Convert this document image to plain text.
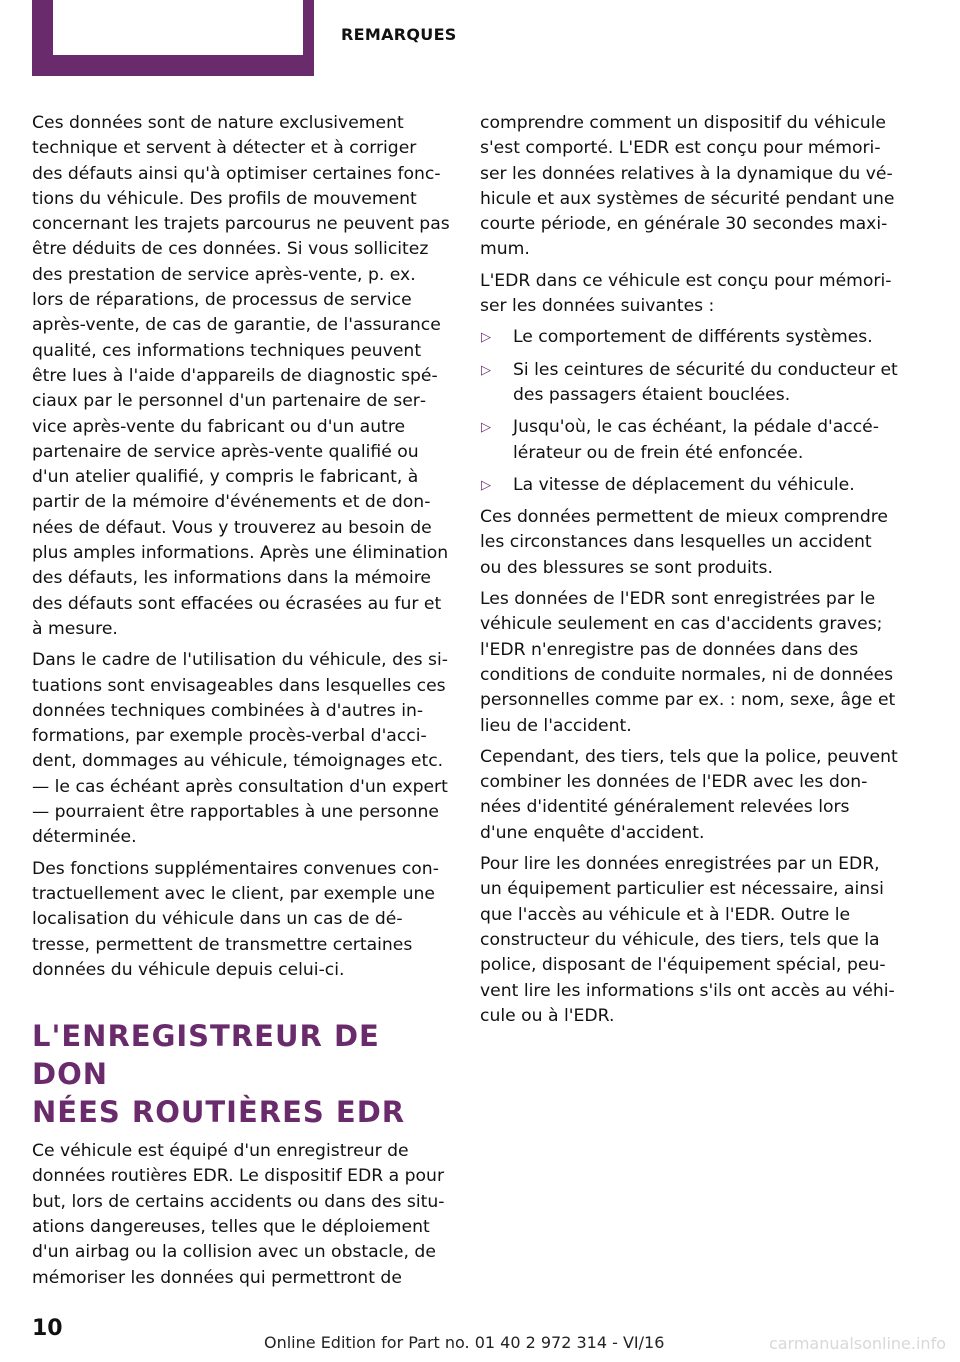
REMARQUES

Ces données sont de nature exclusivement technique et servent à détecter et à corriger des défauts ainsi qu'à optimiser certaines fonctions du véhicule. Des profils de mouvement concernant les trajets parcourus ne peuvent pas être déduits de ces données. Si vous sollicitez des prestation de service après-vente, p. ex. lors de réparations, de processus de service après-vente, de cas de garantie, de l'assurance qualité, ces informations techniques peuvent être lues à l'aide d'appareils de diagnostic spéciaux par le personnel d'un partenaire de service après-vente du fabricant ou d'un autre partenaire de service après-vente qualifié ou d'un atelier qualifié, y compris le fabricant, à partir de la mémoire d'événements et de données de défaut. Vous y trouverez au besoin de plus amples informations. Après une élimination des défauts, les informations dans la mémoire des défauts sont effacées ou écrasées au fur et à mesure.

Dans le cadre de l'utilisation du véhicule, des situations sont envisageables dans lesquelles ces données techniques combinées à d'autres informations, par exemple procès-verbal d'accident, dommages au véhicule, témoignages etc. — le cas échéant après consultation d'un expert — pourraient être rapportables à une personne déterminée.

Des fonctions supplémentaires convenues contractuellement avec le client, par exemple une localisation du véhicule dans un cas de détresse, permettent de transmettre certaines données du véhicule depuis celui-ci.

L'ENREGISTREUR DE DON
NÉES ROUTIÈRES EDR

Ce véhicule est équipé d'un enregistreur de données routières EDR. Le dispositif EDR a pour but, lors de certains accidents ou dans des situations dangereuses, telles que le déploiement d'un airbag ou la collision avec un obstacle, de mémoriser les données qui permettront de

comprendre comment un dispositif du véhicule s'est comporté. L'EDR est conçu pour mémoriser les données relatives à la dynamique du véhicule et aux systèmes de sécurité pendant une courte période, en générale 30 secondes maximum.

L'EDR dans ce véhicule est conçu pour mémoriser les données suivantes :

▷ Le comportement de différents systèmes.
▷ Si les ceintures de sécurité du conducteur et des passagers étaient bouclées.
▷ Jusqu'où, le cas échéant, la pédale d'accélérateur ou de frein été enfoncée.
▷ La vitesse de déplacement du véhicule.

Ces données permettent de mieux comprendre les circonstances dans lesquelles un accident ou des blessures se sont produits.

Les données de l'EDR sont enregistrées par le véhicule seulement en cas d'accidents graves; l'EDR n'enregistre pas de données dans des conditions de conduite normales, ni de données personnelles comme par ex. : nom, sexe, âge et lieu de l'accident.

Cependant, des tiers, tels que la police, peuvent combiner les données de l'EDR avec les données d'identité généralement relevées lors d'une enquête d'accident.

Pour lire les données enregistrées par un EDR, un équipement particulier est nécessaire, ainsi que l'accès au véhicule et à l'EDR. Outre le constructeur du véhicule, des tiers, tels que la police, disposant de l'équipement spécial, peuvent lire les informations s'ils ont accès au véhicule ou à l'EDR.

10
Online Edition for Part no. 01 40 2 972 314 - VI/16	carmanualsonline.info
